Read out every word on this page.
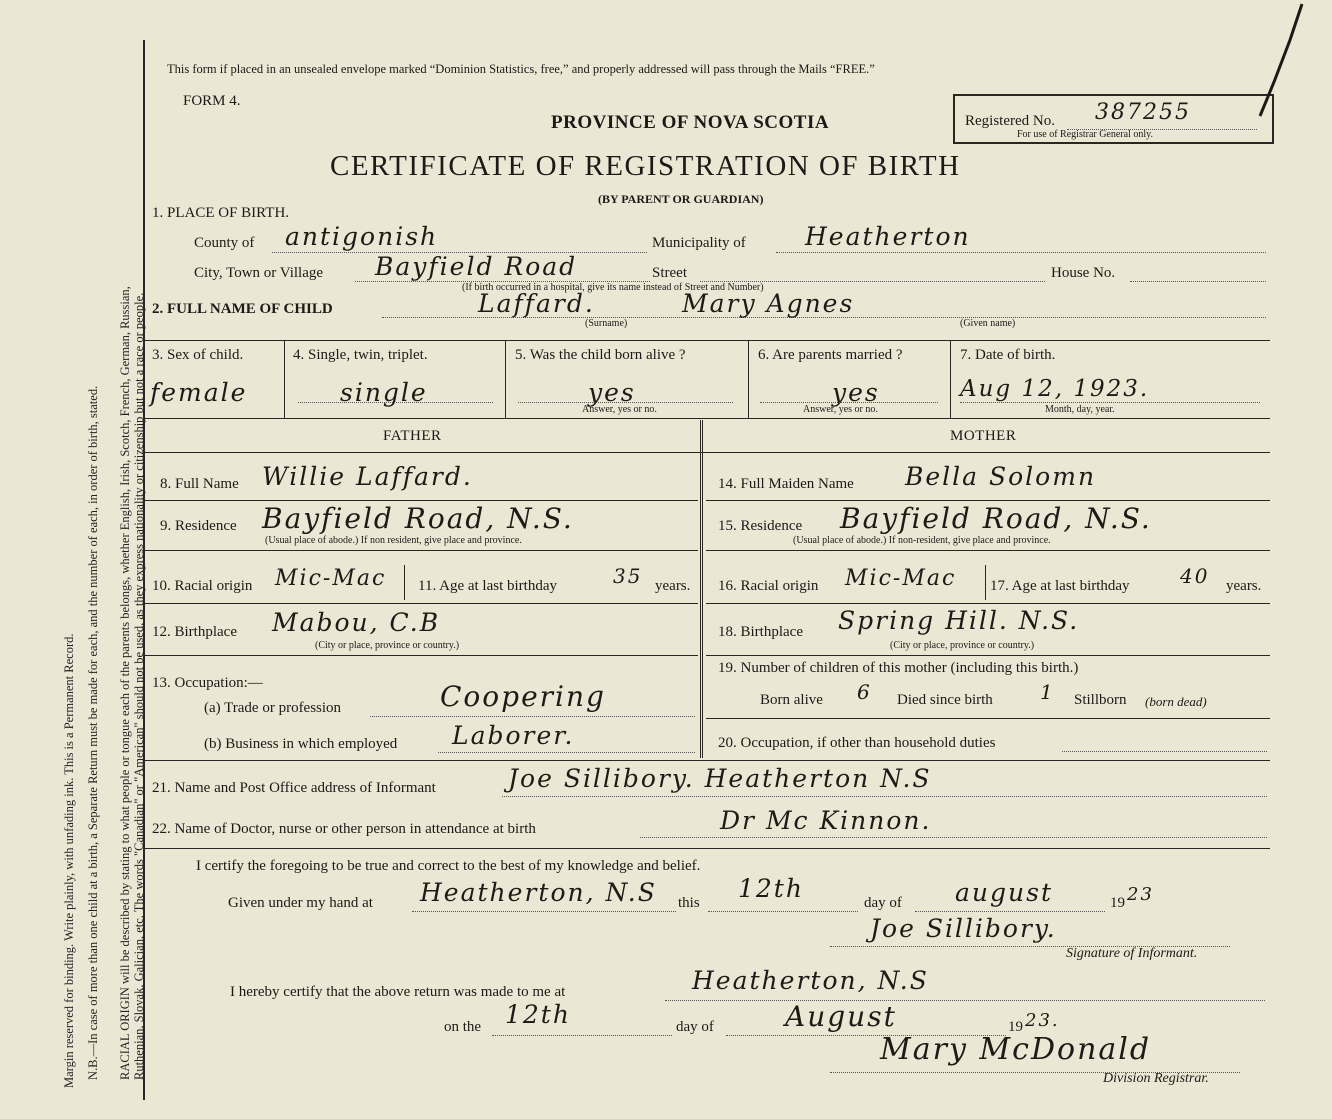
RACIAL ORIGIN will be described by stating to what people or tongue each of the parents belongs, whether English, Irish, Scotch, French, German, Russian, Ruthenian, Slovak, Galician, etc. The words "Canadian" or "American" should not be used, as they express nationality or citizenship but not a race or people.
N.B.—In case of more than one child at a birth, a Separate Return must be made for each, and the number of each, in order of birth, stated.
Margin reserved for binding. Write plainly, with unfading ink. This is a Permanent Record.
This form if placed in an unsealed envelope marked “Dominion Statistics, free,” and properly addressed will pass through the Mails “FREE.”
FORM 4.
PROVINCE OF NOVA SCOTIA
CERTIFICATE OF REGISTRATION OF BIRTH
(BY PARENT OR GUARDIAN)
Registered No. 387255
For use of Registrar General only.
1. PLACE OF BIRTH.
County of antigonish	Municipality of Heatherton
City, Town or Village Bayfield Road	Street	House No.
(If birth occurred in a hospital, give its name instead of Street and Number)
2. FULL NAME OF CHILD	Laffard.	Mary Agnes
(Surname)	(Given name)
3. Sex of child.
female
4. Single, twin, triplet.
single
5. Was the child born alive ?
yes
Answer, yes or no.
6. Are parents married ?
yes
Answer, yes or no.
7. Date of birth.
Aug 12, 1923.
Month, day, year.
FATHER	MOTHER
8. Full Name Willie Laffard.
9. Residence Bayfield Road, N.S.
(Usual place of abode.) If non resident, give place and province.
10. Racial origin Mic-Mac 11. Age at last birthday	35 years.
12. Birthplace Mabou, C.B
(City or place, province or country.)
13. Occupation:—
(a) Trade or profession	Coopering
(b) Business in which employed Laborer.
14. Full Maiden Name Bella Solomn
15. Residence Bayfield Road, N.S.
(Usual place of abode.) If non-resident, give place and province.
16. Racial origin Mic-Mac 17. Age at last birthday	40 years.
18. Birthplace Spring Hill. N.S.
(City or place, province or country.)
19. Number of children of this mother (including this birth.)
Born alive 6 Died since birth 1 Stillborn (born dead)
20. Occupation, if other than household duties
21. Name and Post Office address of Informant	Joe Sillibory. Heatherton N.S
22. Name of Doctor, nurse or other person in attendance at birth	Dr Mc Kinnon.
I certify the foregoing to be true and correct to the best of my knowledge and belief.
Given under my hand at Heatherton, N.S this 12th	day of august	19 23
Joe Sillibory.
Signature of Informant.
I hereby certify that the above return was made to me at	Heatherton, N.S
on the 12th	day of	August	19 23.
Mary McDonald
Division Registrar.
